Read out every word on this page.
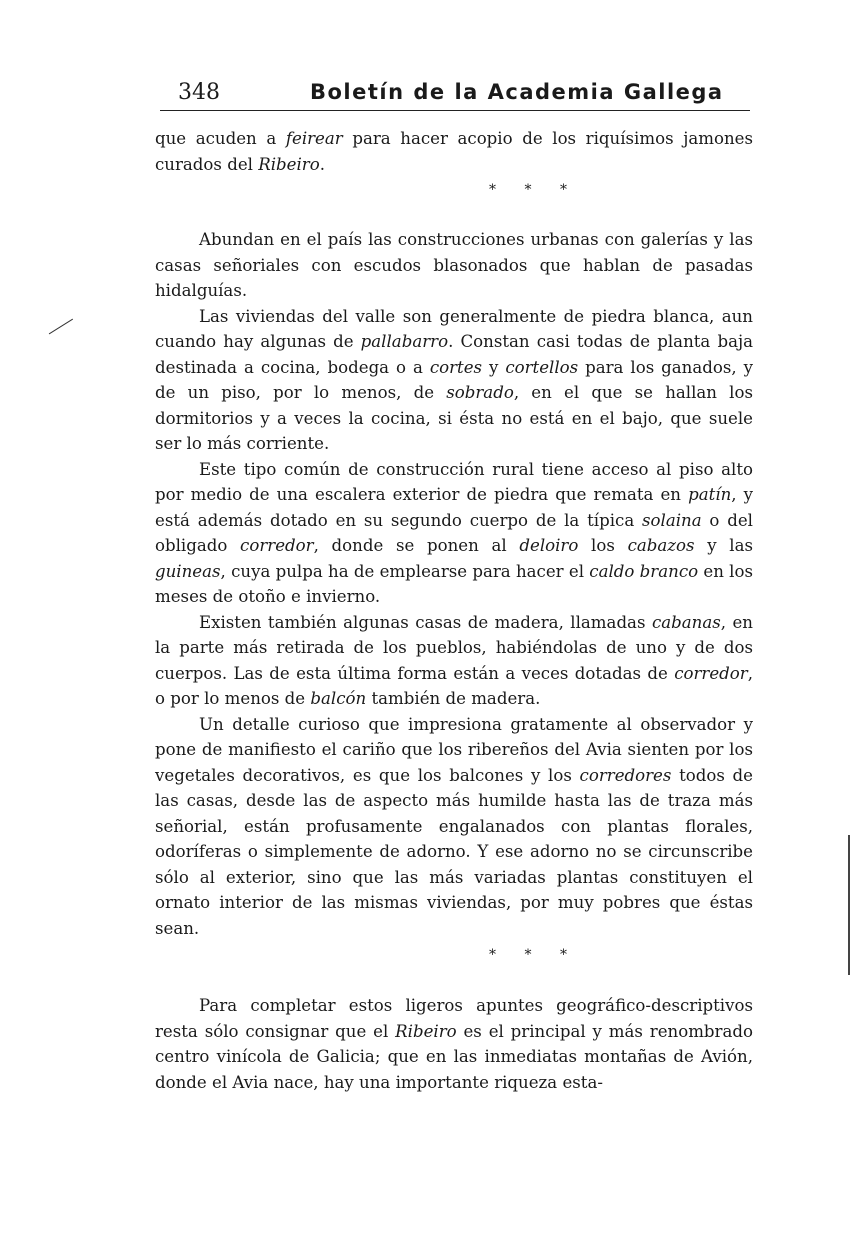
348	Boletín de la Academia Gallega

que acuden a feirear para hacer acopio de los riquísimos jamones curados del Ribeiro.

* * *

Abundan en el país las construcciones urbanas con galerías y las casas señoriales con escudos blasonados que hablan de pasadas hidalguías.

Las viviendas del valle son generalmente de piedra blanca, aun cuando hay algunas de pallabarro. Constan casi todas de planta baja destinada a cocina, bodega o a cortes y cortellos para los ganados, y de un piso, por lo menos, de sobrado, en el que se hallan los dormitorios y a veces la cocina, si ésta no está en el bajo, que suele ser lo más corriente.

Este tipo común de construcción rural tiene acceso al piso alto por medio de una escalera exterior de piedra que remata en patín, y está además dotado en su segundo cuerpo de la típica solaina o del obligado corredor, donde se ponen al deloiro los cabazos y las guineas, cuya pulpa ha de emplearse para hacer el caldo branco en los meses de otoño e invierno.

Existen también algunas casas de madera, llamadas cabanas, en la parte más retirada de los pueblos, habiéndolas de uno y de dos cuerpos. Las de esta última forma están a veces dotadas de corredor, o por lo menos de balcón también de madera.

Un detalle curioso que impresiona gratamente al observador y pone de manifiesto el cariño que los ribereños del Avia sienten por los vegetales decorativos, es que los balcones y los corredores todos de las casas, desde las de aspecto más humilde hasta las de traza más señorial, están profusamente engalanados con plantas florales, odoríferas o simplemente de adorno. Y ese adorno no se circunscribe sólo al exterior, sino que las más variadas plantas constituyen el ornato interior de las mismas viviendas, por muy pobres que éstas sean.

* * *

Para completar estos ligeros apuntes geográfico-descriptivos resta sólo consignar que el Ribeiro es el principal y más renombrado centro vinícola de Galicia; que en las inmediatas montañas de Avión, donde el Avia nace, hay una importante riqueza esta-
